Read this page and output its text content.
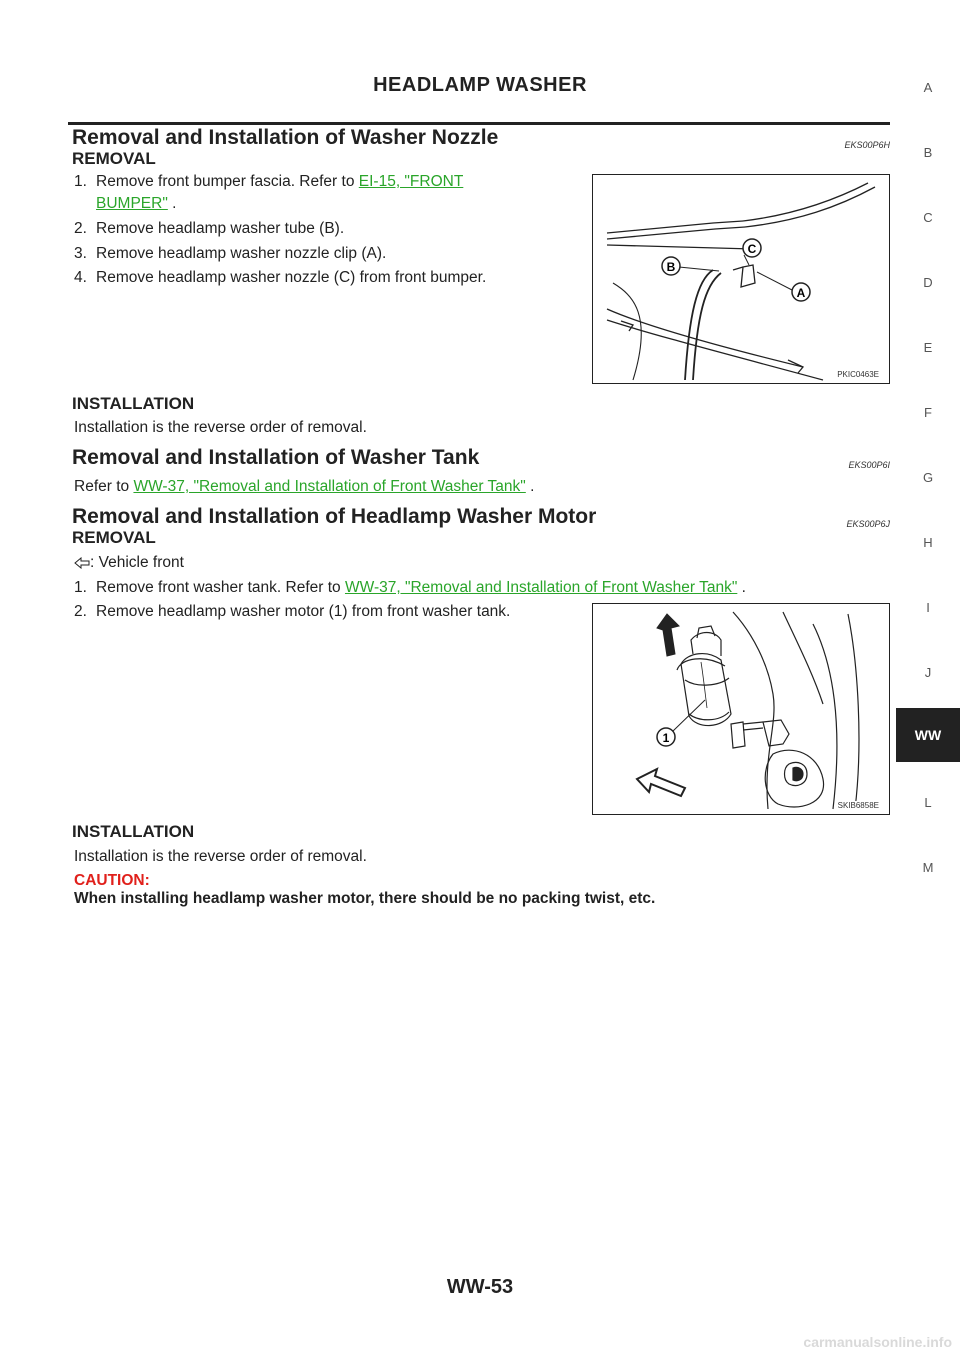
HEADLAMP WASHER	A
B
C
D
E
F
G
H
I
J
WW
L
M
Removal and Installation of Washer Nozzle	EKS00P6H
REMOVAL
1. Remove front bumper fascia. Refer to EI-15, "FRONT
BUMPER" .
2. Remove headlamp washer tube (B).
3. Remove headlamp washer nozzle clip (A).
4. Remove headlamp washer nozzle (C) from front bumper.
C
B
A
PKIC0463E
INSTALLATION
Installation is the reverse order of removal.
Removal and Installation of Washer Tank	EKS00P6I
Refer to WW-37, "Removal and Installation of Front Washer Tank" .
Removal and Installation of Headlamp Washer Motor	EKS00P6J
REMOVAL
: Vehicle front
1. Remove front washer tank. Refer to WW-37, "Removal and Installation of Front Washer Tank" .
2. Remove headlamp washer motor (1) from front washer tank.
1
SKIB6858E
INSTALLATION
Installation is the reverse order of removal.
CAUTION:
When installing headlamp washer motor, there should be no packing twist, etc.
WW-53
carmanualsonline.info
